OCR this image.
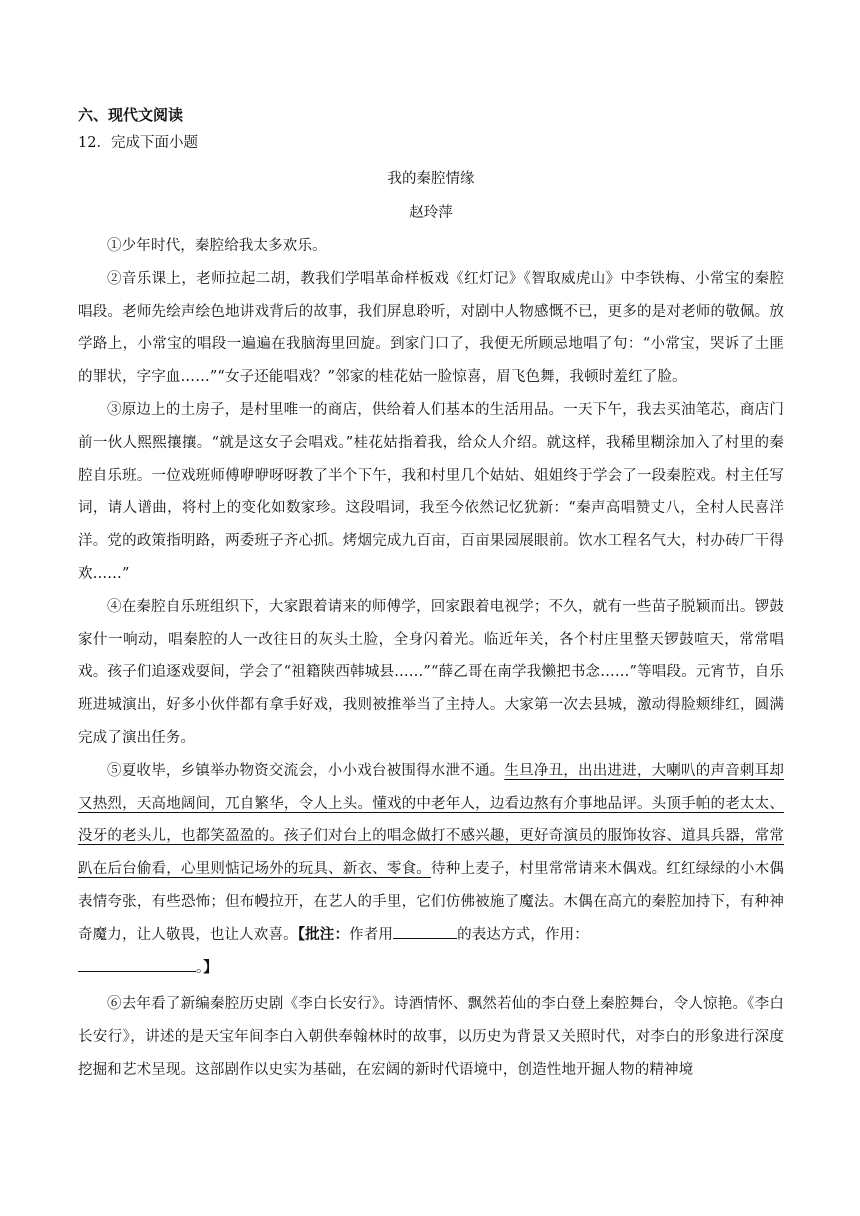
六、现代文阅读

12．完成下面小题

我的秦腔情缘

赵玲萍

①少年时代，秦腔给我太多欢乐。

②音乐课上，老师拉起二胡，教我们学唱革命样板戏《红灯记》《智取威虎山》中李铁梅、小常宝的秦腔唱段。老师先绘声绘色地讲戏背后的故事，我们屏息聆听，对剧中人物感慨不已，更多的是对老师的敬佩。放学路上，小常宝的唱段一遍遍在我脑海里回旋。到家门口了，我便无所顾忌地唱了句：“小常宝，哭诉了土匪的罪状，字字血……”“女子还能唱戏？”邻家的桂花姑一脸惊喜，眉飞色舞，我顿时羞红了脸。

③原边上的土房子，是村里唯一的商店，供给着人们基本的生活用品。一天下午，我去买油笔芯，商店门前一伙人熙熙攘攘。“就是这女子会唱戏。”桂花姑指着我，给众人介绍。就这样，我稀里糊涂加入了村里的秦腔自乐班。一位戏班师傅咿咿呀呀教了半个下午，我和村里几个姑姑、姐姐终于学会了一段秦腔戏。村主任写词，请人谱曲，将村上的变化如数家珍。这段唱词，我至今依然记忆犹新：“秦声高唱赞丈八，全村人民喜洋洋。党的政策指明路，两委班子齐心抓。烤烟完成九百亩，百亩果园展眼前。饮水工程名气大，村办砖厂干得欢……”

④在秦腔自乐班组织下，大家跟着请来的师傅学，回家跟着电视学；不久，就有一些苗子脱颖而出。锣鼓家什一响动，唱秦腔的人一改往日的灰头土脸，全身闪着光。临近年关，各个村庄里整天锣鼓喧天，常常唱戏。孩子们追逐戏耍间，学会了“祖籍陕西韩城县……”“薛乙哥在南学我懒把书念……”等唱段。元宵节，自乐班进城演出，好多小伙伴都有拿手好戏，我则被推举当了主持人。大家第一次去县城，激动得脸颊绯红，圆满完成了演出任务。

⑤夏收毕，乡镇举办物资交流会，小小戏台被围得水泄不通。生旦净丑，出出进进，大喇叭的声音刺耳却又热烈，天高地阔间，兀自繁华，令人上头。懂戏的中老年人，边看边熬有介事地品评。头顶手帕的老太太、没牙的老头儿，也都笑盈盈的。孩子们对台上的唱念做打不感兴趣，更好奇演员的服饰妆容、道具兵器，常常趴在后台偷看，心里则惦记场外的玩具、新衣、零食。待种上麦子，村里常常请来木偶戏。红红绿绿的小木偶表情夸张，有些恐怖；但布幔拉开，在艺人的手里，它们仿佛被施了魔法。木偶在高亢的秦腔加持下，有种神奇魔力，让人敬畏，也让人欢喜。【批注：作者用	的表达方式，作用：

。】

⑥去年看了新编秦腔历史剧《李白长安行》。诗酒情怀、飘然若仙的李白登上秦腔舞台，令人惊艳。《李白长安行》，讲述的是天宝年间李白入朝供奉翰林时的故事，以历史为背景又关照时代，对李白的形象进行深度挖掘和艺术呈现。这部剧作以史实为基础，在宏阔的新时代语境中，创造性地开掘人物的精神境
